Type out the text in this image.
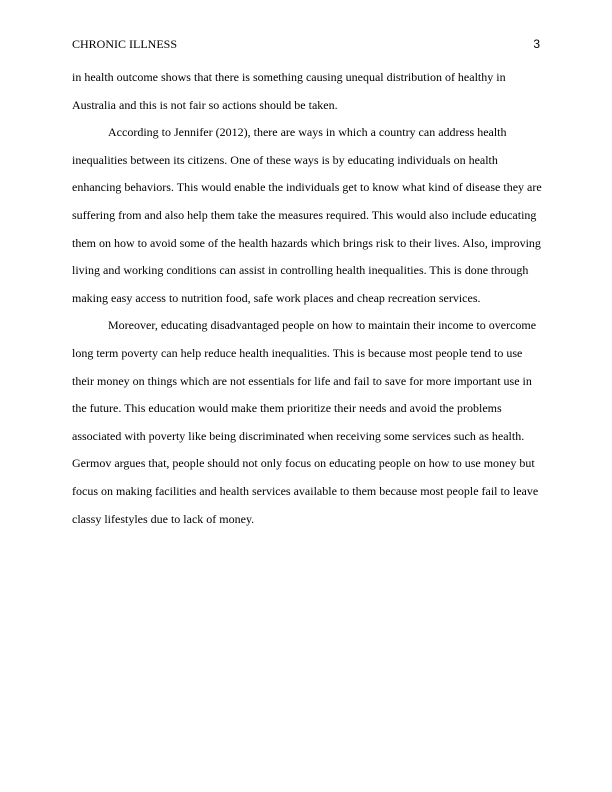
CHRONIC ILLNESS	3

in health outcome shows that there is something causing unequal distribution of healthy in Australia and this is not fair so actions should be taken.

According to Jennifer (2012), there are ways in which a country can address health inequalities between its citizens. One of these ways is by educating individuals on health enhancing behaviors. This would enable the individuals get to know what kind of disease they are suffering from and also help them take the measures required. This would also include educating them on how to avoid some of the health hazards which brings risk to their lives. Also, improving living and working conditions can assist in controlling health inequalities. This is done through making easy access to nutrition food, safe work places and cheap recreation services.

Moreover, educating disadvantaged people on how to maintain their income to overcome long term poverty can help reduce health inequalities. This is because most people tend to use their money on things which are not essentials for life and fail to save for more important use in the future. This education would make them prioritize their needs and avoid the problems associated with poverty like being discriminated when receiving some services such as health. Germov argues that, people should not only focus on educating people on how to use money but focus on making facilities and health services available to them because most people fail to leave classy lifestyles due to lack of money.
